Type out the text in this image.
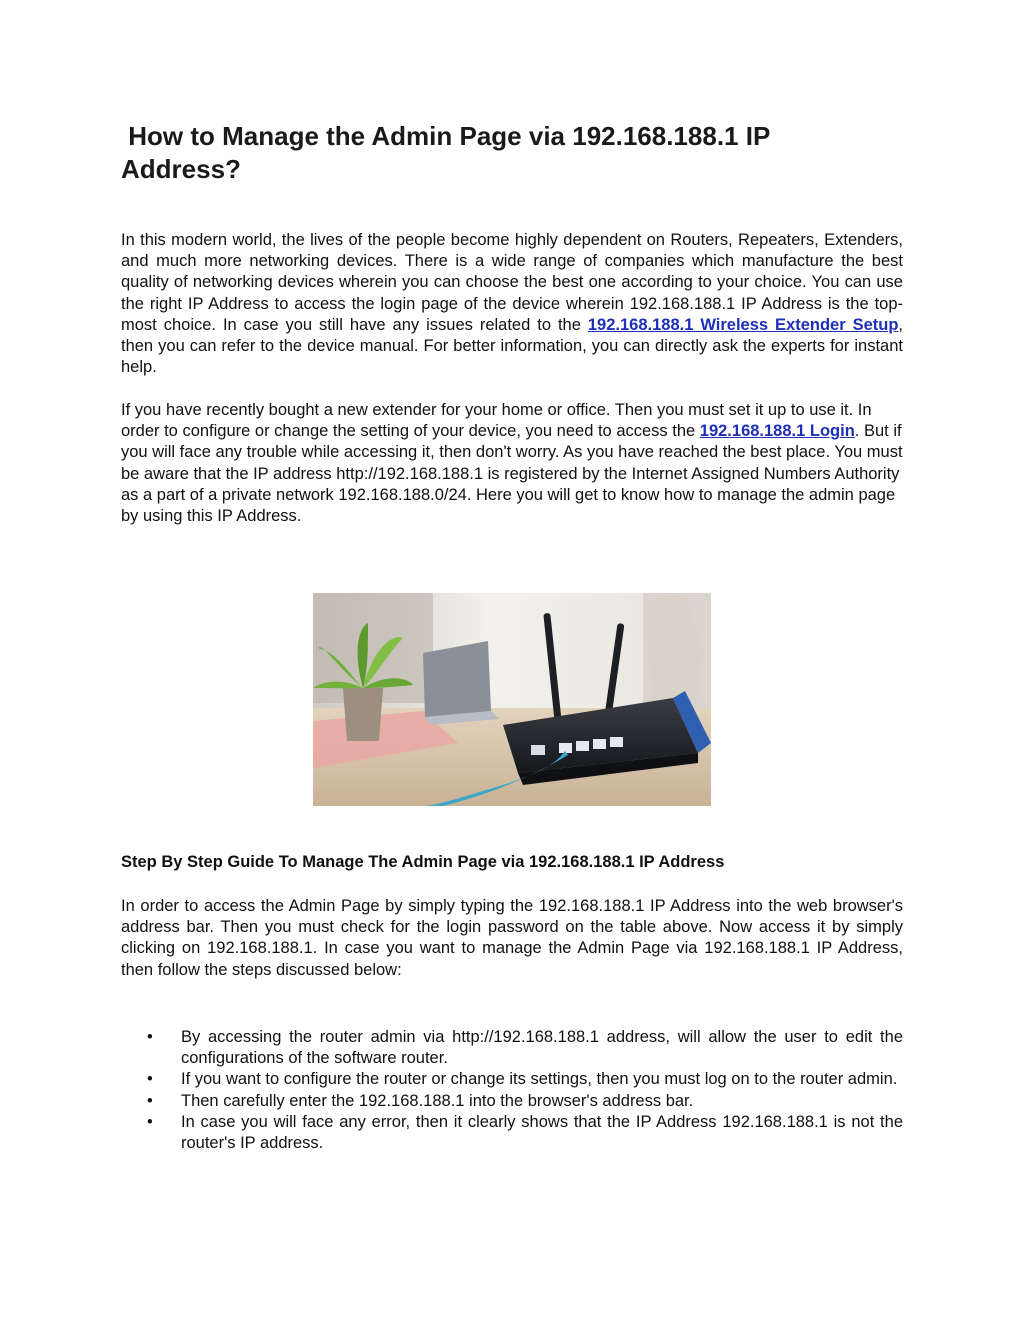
How to Manage the Admin Page via 192.168.188.1 IP Address?

In this modern world, the lives of the people become highly dependent on Routers, Repeaters, Extenders, and much more networking devices. There is a wide range of companies which manufacture the best quality of networking devices wherein you can choose the best one according to your choice. You can use the right IP Address to access the login page of the device wherein 192.168.188.1 IP Address is the top-most choice. In case you still have any issues related to the 192.168.188.1 Wireless Extender Setup, then you can refer to the device manual. For better information, you can directly ask the experts for instant help.

If you have recently bought a new extender for your home or office. Then you must set it up to use it. In order to configure or change the setting of your device, you need to access the 192.168.188.1 Login. But if you will face any trouble while accessing it, then don't worry. As you have reached the best place. You must be aware that the IP address http://192.168.188.1 is registered by the Internet Assigned Numbers Authority as a part of a private network 192.168.188.0/24. Here you will get to know how to manage the admin page by using this IP Address.

Step By Step Guide To Manage The Admin Page via 192.168.188.1 IP Address

In order to access the Admin Page by simply typing the 192.168.188.1 IP Address into the web browser's address bar. Then you must check for the login password on the table above. Now access it by simply clicking on 192.168.188.1. In case you want to manage the Admin Page via 192.168.188.1 IP Address, then follow the steps discussed below:

• By accessing the router admin via http://192.168.188.1 address, will allow the user to edit the configurations of the software router.
• If you want to configure the router or change its settings, then you must log on to the router admin.
• Then carefully enter the 192.168.188.1 into the browser's address bar.
• In case you will face any error, then it clearly shows that the IP Address 192.168.188.1 is not the router's IP address.
